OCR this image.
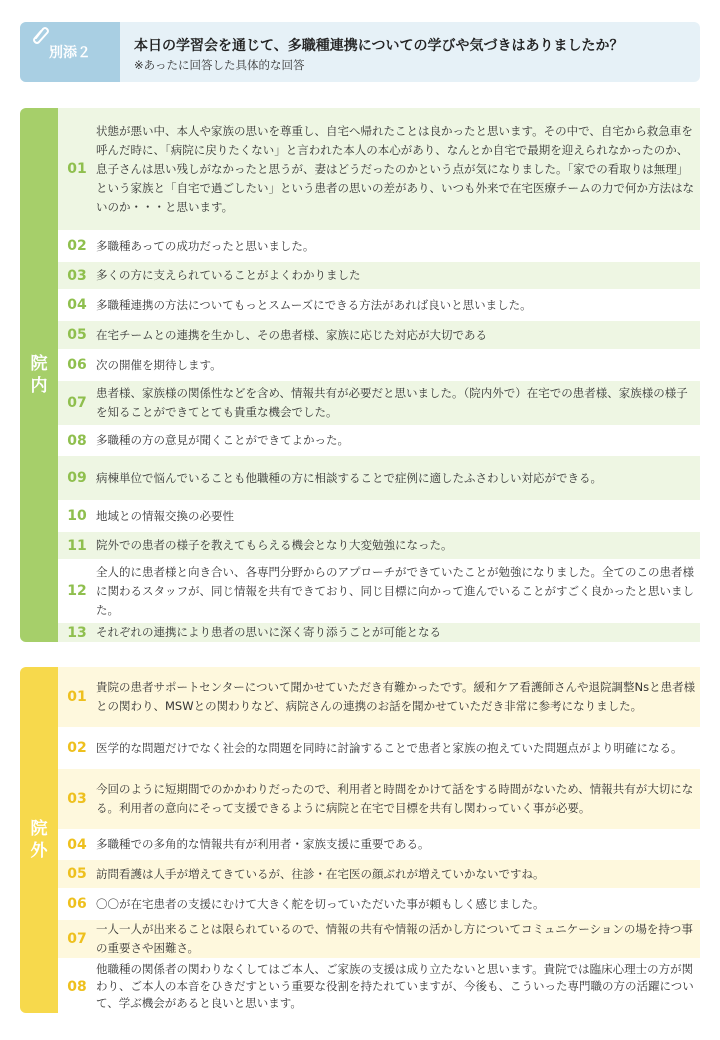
別添２	本日の学習会を通じて、多職種連携についての学びや気づきはありましたか？
※あったに回答した具体的な回答
院
内
01
状態が悪い中、本人や家族の思いを尊重し、自宅へ帰れたことは良かったと思います。その中で、自宅から救急車を呼んだ時に、「病院に戻りたくない」と言われた本人の本心があり、なんとか自宅で最期を迎えられなかったのか、息子さんは思い残しがなかったと思うが、妻はどうだったのかという点が気になりました。「家での看取りは無理」という家族と「自宅で過ごしたい」という患者の思いの差があり、いつも外来で在宅医療チームの力で何か方法はないのか・・・と思います。
02 多職種あっての成功だったと思いました。
03 多くの方に支えられていることがよくわかりました
04 多職種連携の方法についてもっとスムーズにできる方法があれば良いと思いました。
05 在宅チームとの連携を生かし、その患者様、家族に応じた対応が大切である
06 次の開催を期待します。
07
患者様、家族様の関係性などを含め、情報共有が必要だと思いました。（院内外で）在宅での患者様、家族様の様子を知ることができてとても貴重な機会でした。
08 多職種の方の意見が聞くことができてよかった。
09 病棟単位で悩んでいることも他職種の方に相談することで症例に適したふさわしい対応ができる。
10 地域との情報交換の必要性
11 院外での患者の様子を教えてもらえる機会となり大変勉強になった。
12
全人的に患者様と向き合い、各専門分野からのアプローチができていたことが勉強になりました。全てのこの患者様に関わるスタッフが、同じ情報を共有できており、同じ目標に向かって進んでいることがすごく良かったと思いました。
13 それぞれの連携により患者の思いに深く寄り添うことが可能となる
院
外
01
貴院の患者サポートセンターについて聞かせていただき有難かったです。緩和ケア看護師さんや退院調整Nsと患者様との関わり、MSWとの関わりなど、病院さんの連携のお話を聞かせていただき非常に参考になりました。
02 医学的な問題だけでなく社会的な問題を同時に討論することで患者と家族の抱えていた問題点がより明確になる。
03
今回のように短期間でのかかわりだったので、利用者と時間をかけて話をする時間がないため、情報共有が大切になる。利用者の意向にそって支援できるように病院と在宅で目標を共有し関わっていく事が必要。
04 多職種での多角的な情報共有が利用者・家族支援に重要である。
05 訪問看護は人手が増えてきているが、往診・在宅医の顔ぶれが増えていかないですね。
06 〇〇が在宅患者の支援にむけて大きく舵を切っていただいた事が頼もしく感じました。
07
一人一人が出来ることは限られているので、情報の共有や情報の活かし方についてコミュニケーションの場を持つ事の重要さや困難さ。
08
他職種の関係者の関わりなくしてはご本人、ご家族の支援は成り立たないと思います。貴院では臨床心理士の方が関わり、ご本人の本音をひきだすという重要な役割を持たれていますが、今後も、こういった専門職の方の活躍について、学ぶ機会があると良いと思います。
